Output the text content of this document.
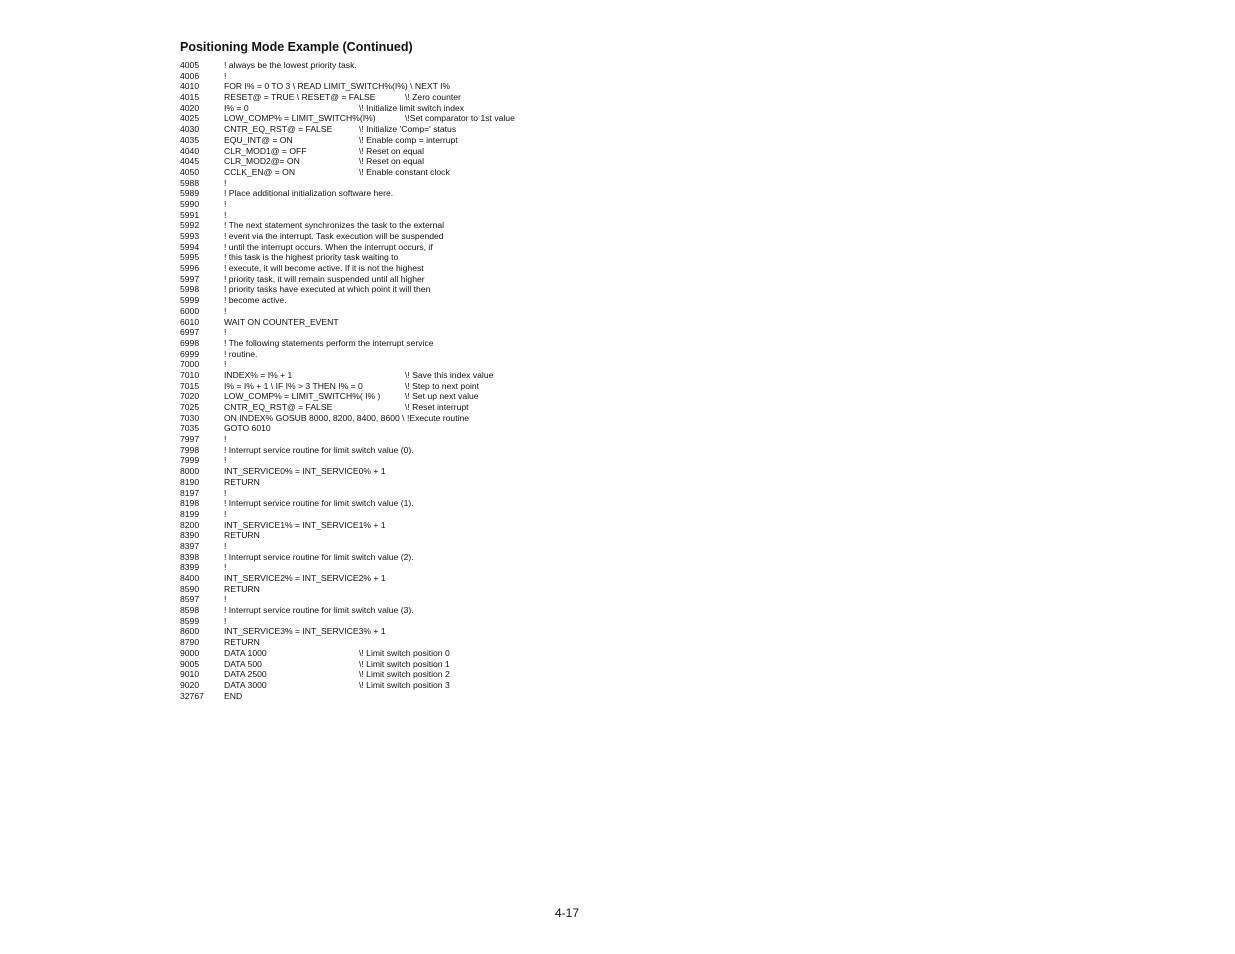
Positioning Mode Example (Continued)
4005	! always be the lowest priority task.
4006	!
4010	FOR I% = 0 TO 3 \ READ LIMIT_SWITCH%(I%) \ NEXT I%
4015	RESET@ = TRUE \ RESET@ = FALSE	\! Zero counter
4020	I% = 0	\! Initialize limit switch index
4025	LOW_COMP% = LIMIT_SWITCH%(I%)	\!Set comparator to 1st value
4030	CNTR_EQ_RST@ = FALSE	\! Initialize 'Comp=' status
4035	EQU_INT@ = ON	\! Enable comp = interrupt
4040	CLR_MOD1@ = OFF	\! Reset on equal
4045	CLR_MOD2@= ON	\! Reset on equal
4050	CCLK_EN@ = ON	\! Enable constant clock
5988	!
5989	! Place additional initialization software here.
5990	!
5991	!
5992	! The next statement synchronizes the task to the external
5993	! event via the interrupt. Task execution will be suspended
5994	! until the interrupt occurs. When the interrupt occurs, if
5995	! this task is the highest priority task waiting to
5996	! execute, it will become active. If it is not the highest
5997	! priority task, it will remain suspended until all higher
5998	! priority tasks have executed at which point it will then
5999	! become active.
6000	!
6010	WAIT ON COUNTER_EVENT
6997	!
6998	! The following statements perform the interrupt service
6999	! routine.
7000	!
7010	INDEX% = I% + 1	\! Save this index value
7015	I% = I% + 1 \ IF I% > 3 THEN I% = 0	\! Step to next point
7020	LOW_COMP% = LIMIT_SWITCH%( I% )	\! Set up next value
7025	CNTR_EQ_RST@ = FALSE	\! Reset interrupt
7030	ON INDEX% GOSUB 8000, 8200, 8400, 8600 \ !Execute routine
7035	GOTO 6010
7997	!
7998	! Interrupt service routine for limit switch value (0).
7999	!
8000	INT_SERVICE0% = INT_SERVICE0% + 1
8190	RETURN
8197	!
8198	! Interrupt service routine for limit switch value (1).
8199	!
8200	INT_SERVICE1% = INT_SERVICE1% + 1
8390	RETURN
8397	!
8398	! Interrupt service routine for limit switch value (2).
8399	!
8400	INT_SERVICE2% = INT_SERVICE2% + 1
8590	RETURN
8597	!
8598	! Interrupt service routine for limit switch value (3).
8599	!
8600	INT_SERVICE3% = INT_SERVICE3% + 1
8790	RETURN
9000	DATA 1000	\! Limit switch position 0
9005	DATA 500	\! Limit switch position 1
9010	DATA 2500	\! Limit switch position 2
9020	DATA 3000	\! Limit switch position 3
32767 END
4-17
